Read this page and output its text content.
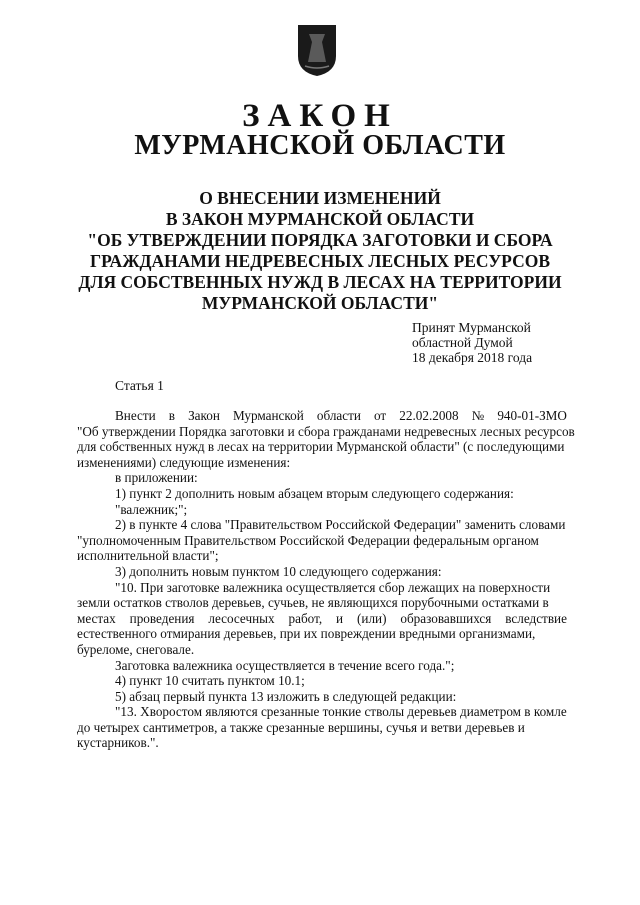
ЗАКОН
МУРМАНСКОЙ ОБЛАСТИ
О ВНЕСЕНИИ ИЗМЕНЕНИЙ
В ЗАКОН МУРМАНСКОЙ ОБЛАСТИ
"ОБ УТВЕРЖДЕНИИ ПОРЯДКА ЗАГОТОВКИ И СБОРА
ГРАЖДАНАМИ НЕДРЕВЕСНЫХ ЛЕСНЫХ РЕСУРСОВ
ДЛЯ СОБСТВЕННЫХ НУЖД В ЛЕСАХ НА ТЕРРИТОРИИ
МУРМАНСКОЙ ОБЛАСТИ"
Принят Мурманской
областной Думой
18 декабря 2018 года
Статья 1
Внести в Закон Мурманской области от 22.02.2008 № 940-01-ЗМО
"Об утверждении Порядка заготовки и сбора гражданами недревесных лесных ресурсов
для собственных нужд в лесах на территории Мурманской области" (с последующими
изменениями) следующие изменения:
в приложении:
1) пункт 2 дополнить новым абзацем вторым следующего содержания:
"валежник;";
2) в пункте 4 слова "Правительством Российской Федерации" заменить словами
"уполномоченным Правительством Российской Федерации федеральным органом
исполнительной власти";
3) дополнить новым пунктом 10 следующего содержания:
"10. При заготовке валежника осуществляется сбор лежащих на поверхности
земли остатков стволов деревьев, сучьев, не являющихся порубочными остатками в
местах проведения лесосечных работ, и (или) образовавшихся вследствие
естественного отмирания деревьев, при их повреждении вредными организмами,
буреломе, снеговале.
Заготовка валежника осуществляется в течение всего года.";
4) пункт 10 считать пунктом 10.1;
5) абзац первый пункта 13 изложить в следующей редакции:
"13. Хворостом являются срезанные тонкие стволы деревьев диаметром в комле
до четырех сантиметров, а также срезанные вершины, сучья и ветви деревьев и
кустарников.".
